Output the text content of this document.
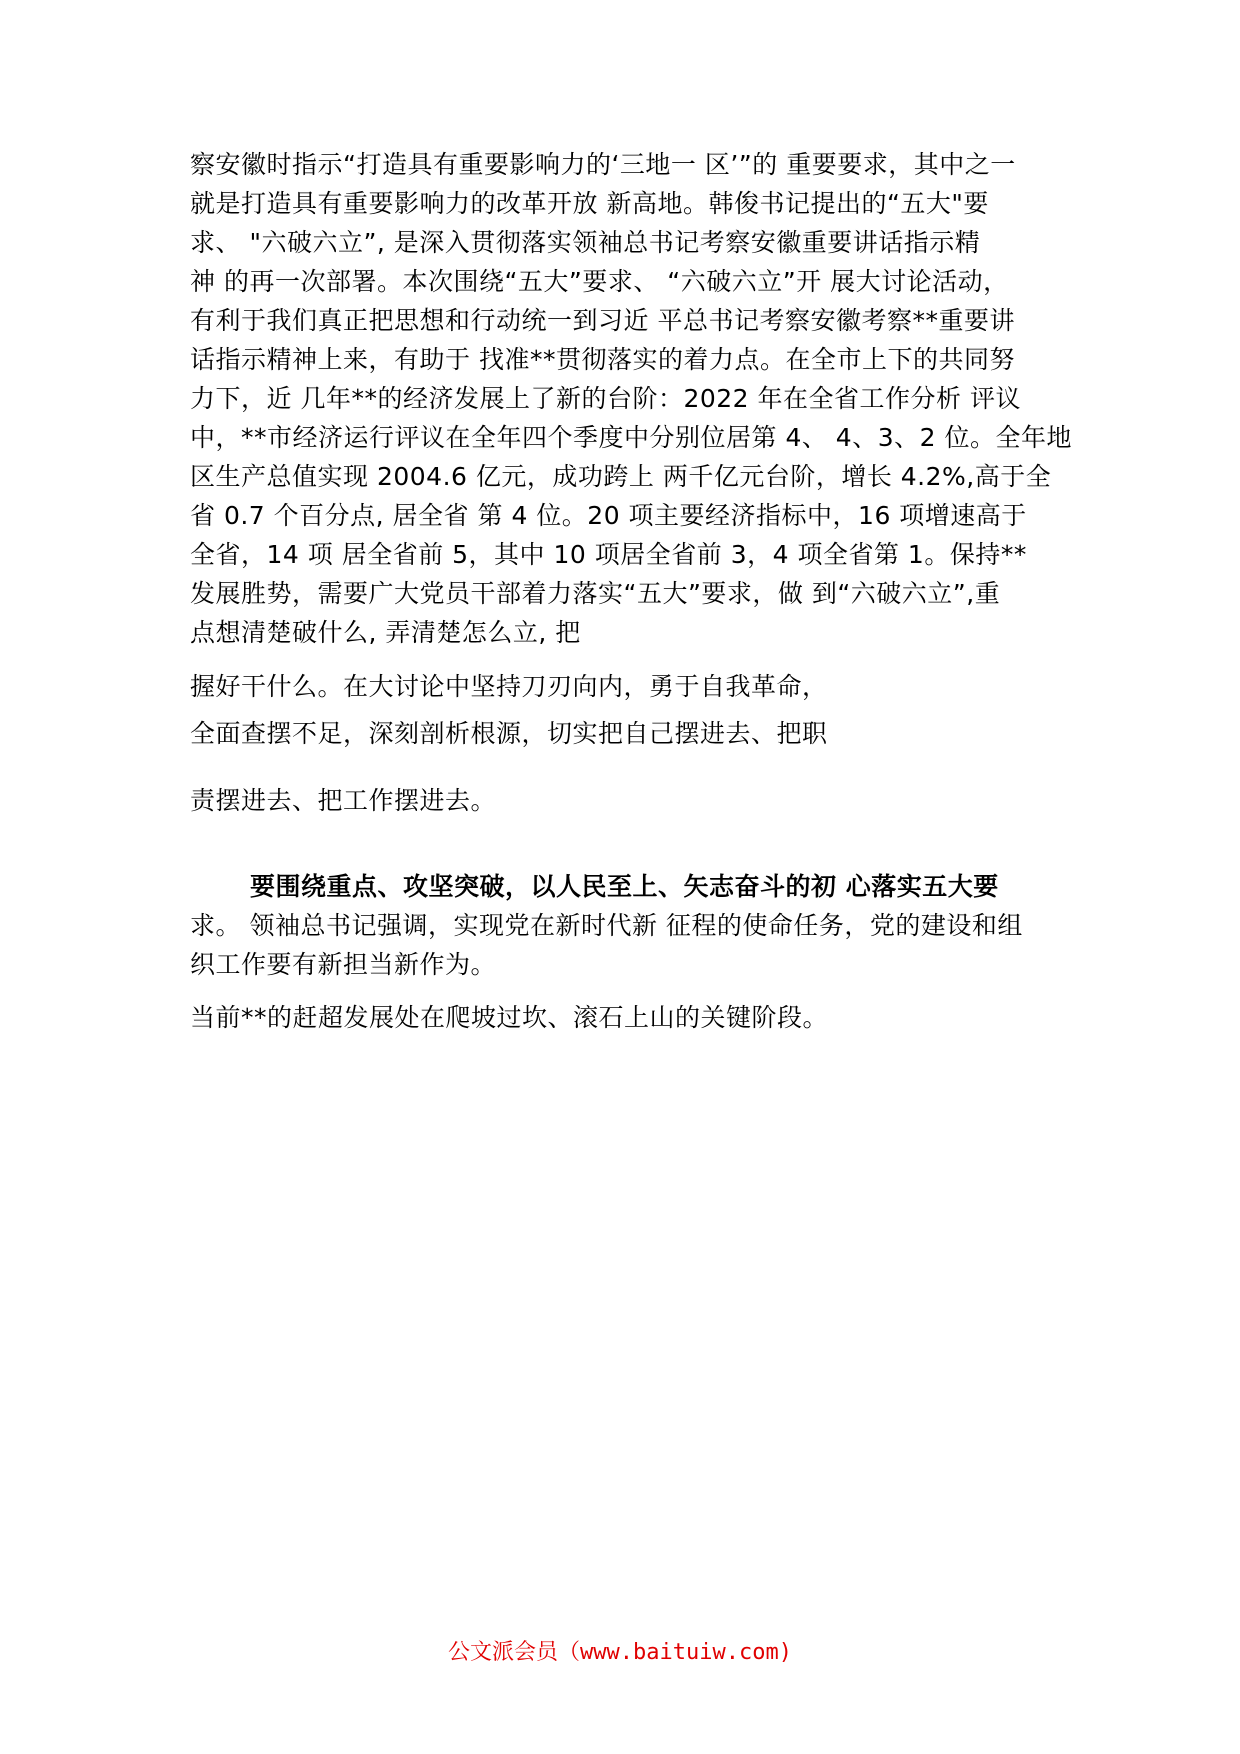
察安徽时指示“打造具有重要影响力的‘三地一 区’”的 重要要求，其中之一
就是打造具有重要影响力的改革开放 新高地。韩俊书记提出的“五大"要
求、 "六破六立”, 是深入贯彻落实领袖总书记考察安徽重要讲话指示精
神 的再一次部署。本次围绕“五大”要求、 “六破六立”开 展大讨论活动，
有利于我们真正把思想和行动统一到习近 平总书记考察安徽考察**重要讲
话指示精神上来，有助于 找准**贯彻落实的着力点。在全市上下的共同努
力下，近 几年**的经济发展上了新的台阶：2022 年在全省工作分析 评议
中，**市经济运行评议在全年四个季度中分别位居第 4、 4、3、2 位。全年地
区生产总值实现 2004.6 亿元，成功跨上 两千亿元台阶，增长 4.2%,高于全
省 0.7 个百分点, 居全省 第 4 位。20 项主要经济指标中，16 项增速高于
全省，14 项 居全省前 5，其中 10 项居全省前 3，4 项全省第 1。保持**
发展胜势，需要广大党员干部着力落实“五大”要求，做 到“六破六立”,重
点想清楚破什么, 弄清楚怎么立, 把
握好干什么。在大讨论中坚持刀刃向内，勇于自我革命，
全面查摆不足，深刻剖析根源，切实把自己摆进去、把职
责摆进去、把工作摆进去。
要围绕重点、攻坚突破，以人民至上、矢志奋斗的初 心落实五大要
求。 领袖总书记强调，实现党在新时代新 征程的使命任务，党的建设和组
织工作要有新担当新作为。
当前**的赶超发展处在爬坡过坎、滚石上山的关键阶段。
公文派会员（www.baituiw.com)
